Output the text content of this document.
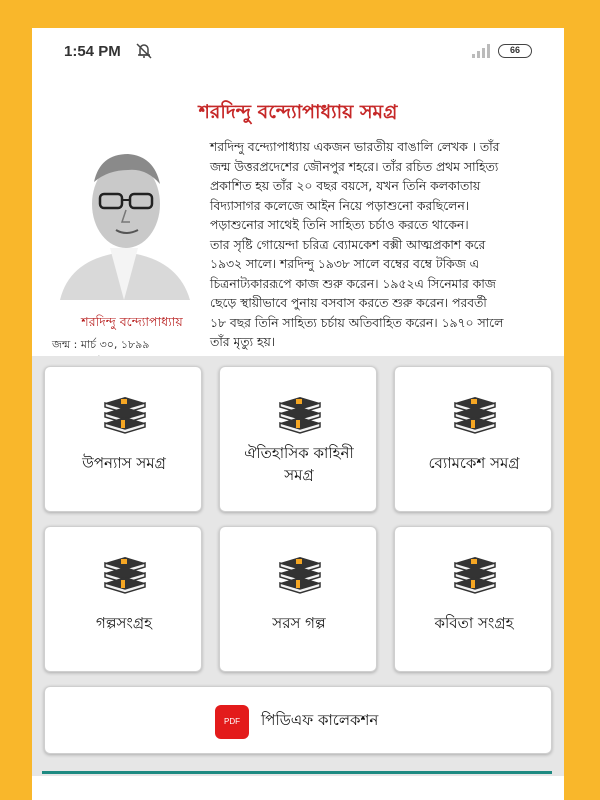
1:54 PM	66
শরদিন্দু বন্দ্যোপাধ্যায় সমগ্র
শরদিন্দু বন্দ্যোপাধ্যায়
জন্ম : মার্চ ৩০, ১৮৯৯
শরদিন্দু বন্দ্যোপাধ্যায় একজন ভারতীয় বাঙালি লেখক । তাঁর
জন্ম উত্তরপ্রদেশের জৌনপুর শহরে। তাঁর রচিত প্রথম সাহিত্য
প্রকাশিত হয় তাঁর ২০ বছর বয়সে, যখন তিনি কলকাতায়
বিদ্যাসাগর কলেজে আইন নিয়ে পড়াশুনো করছিলেন।
পড়াশুনোর সাথেই তিনি সাহিত্য চর্চাও করতে থাকেন।
তার সৃষ্টি গোয়েন্দা চরিত্র ব্যোমকেশ বক্সী আত্মপ্রকাশ করে
১৯৩২ সালে। শরদিন্দু ১৯৩৮ সালে বম্বের বম্বে টকিজ এ
চিত্রনাট্যকাররূপে কাজ শুরু করেন। ১৯৫২এ সিনেমার কাজ
ছেড়ে স্থায়ীভাবে পুনায় বসবাস করতে শুরু করেন। পরবর্তী
১৮ বছর তিনি সাহিত্য চর্চায় অতিবাহিত করেন। ১৯৭০ সালে
তাঁর মৃত্যু হয়।
উপন্যাস সমগ্র
ঐতিহাসিক কাহিনী
সমগ্র
ব্যোমকেশ সমগ্র
গল্পসংগ্রহ	সরস গল্প	কবিতা সংগ্রহ
PDF	পিডিএফ কালেকশন
